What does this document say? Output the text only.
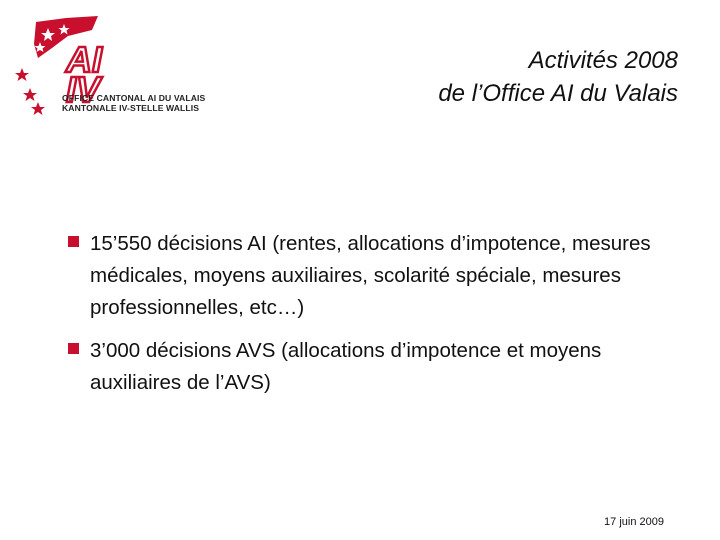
AI
IV
OFFICE CANTONAL AI DU VALAIS
KANTONALE IV-STELLE WALLIS
Activités 2008
de l’Office AI du Valais
15’550 décisions AI (rentes, allocations d’impotence, mesures médicales, moyens auxiliaires, scolarité spéciale, mesures professionnelles, etc…)
3’000 décisions AVS (allocations d’impotence et moyens auxiliaires de l’AVS)
17 juin 2009
